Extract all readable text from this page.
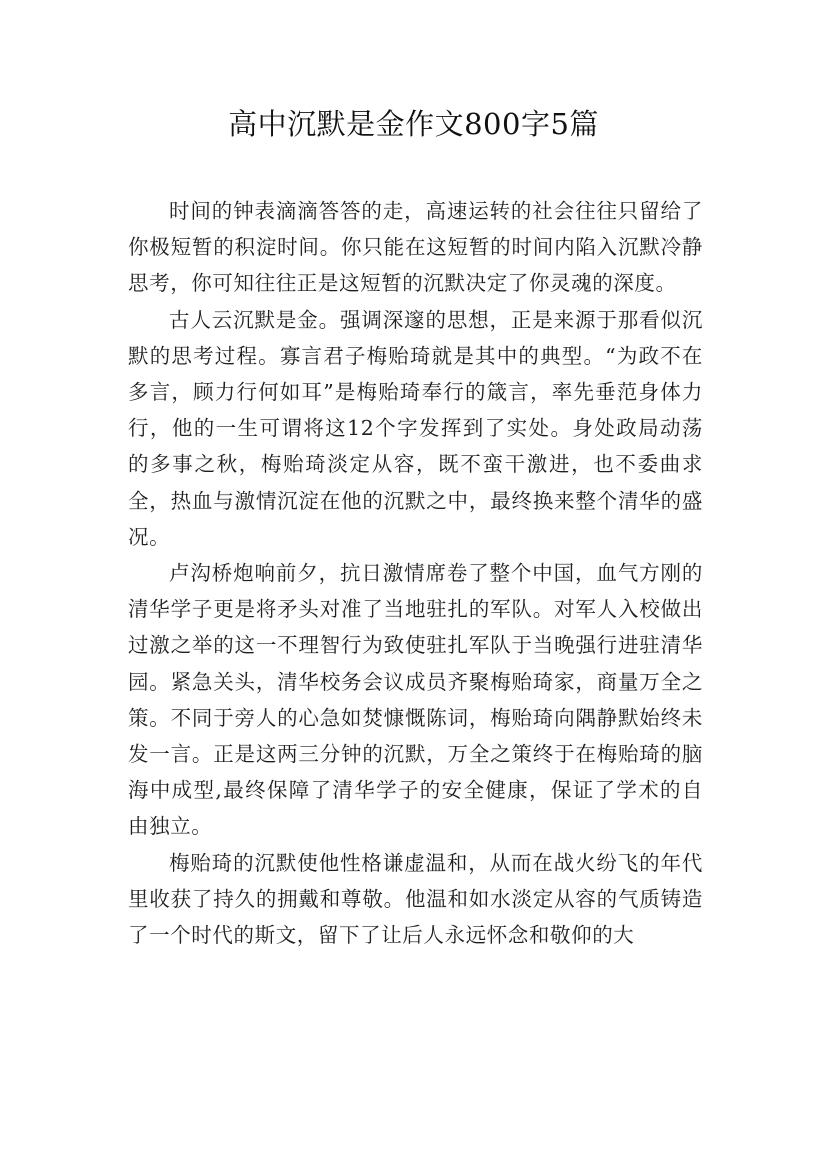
高中沉默是金作文800字5篇

时间的钟表滴滴答答的走，高速运转的社会往往只留给了你极短暂的积淀时间。你只能在这短暂的时间内陷入沉默冷静思考，你可知往往正是这短暂的沉默决定了你灵魂的深度。

古人云沉默是金。强调深邃的思想，正是来源于那看似沉默的思考过程。寡言君子梅贻琦就是其中的典型。“为政不在多言，顾力行何如耳”是梅贻琦奉行的箴言，率先垂范身体力行，他的一生可谓将这12个字发挥到了实处。身处政局动荡的多事之秋，梅贻琦淡定从容，既不蛮干激进，也不委曲求全，热血与激情沉淀在他的沉默之中，最终换来整个清华的盛况。

卢沟桥炮响前夕，抗日激情席卷了整个中国，血气方刚的清华学子更是将矛头对准了当地驻扎的军队。对军人入校做出过激之举的这一不理智行为致使驻扎军队于当晚强行进驻清华园。紧急关头，清华校务会议成员齐聚梅贻琦家，商量万全之策。不同于旁人的心急如焚慷慨陈词，梅贻琦向隅静默始终未发一言。正是这两三分钟的沉默，万全之策终于在梅贻琦的脑海中成型,最终保障了清华学子的安全健康，保证了学术的自由独立。

梅贻琦的沉默使他性格谦虚温和，从而在战火纷飞的年代里收获了持久的拥戴和尊敬。他温和如水淡定从容的气质铸造了一个时代的斯文，留下了让后人永远怀念和敬仰的大
